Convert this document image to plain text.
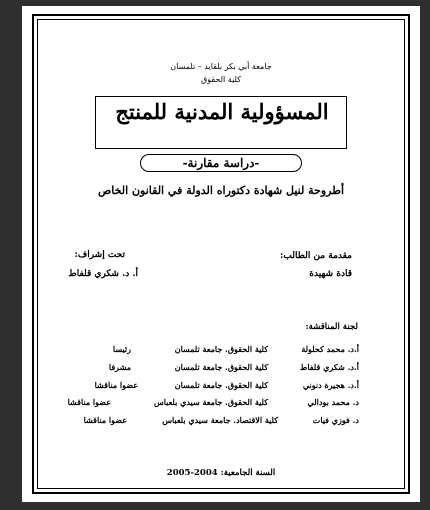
جامعة أبي بكر بلقايد – تلمسان
كلية الحقوق
المسؤولية المدنية للمنتج
-دراسة مقارنة-
أطروحة لنيل شهادة دكتوراه الدولة في القانون الخاص
مقدمة من الطالب:
قادة شهيدة
تحت إشراف:
أ. د. شكري قلفاط
لجنة المناقشة:
أ.د. محمد كحلولة
كلية الحقوق. جامعة تلمسان
رئيسا
أ.د. شكري قلفاط
كلية الحقوق. جامعة تلمسان
مشرفا
أ.د. هجيرة دنوني
كلية الحقوق. جامعة تلمسان
عضوا مناقشا
د. محمد بودالي
كلية الحقوق. جامعة سيدي بلعباس
عضوا مناقشا
د. فوزي فيات
كلية الاقتصاد. جامعة سيدي بلعباس
عضوا مناقشا
السنة الجامعية: 2004-2005
